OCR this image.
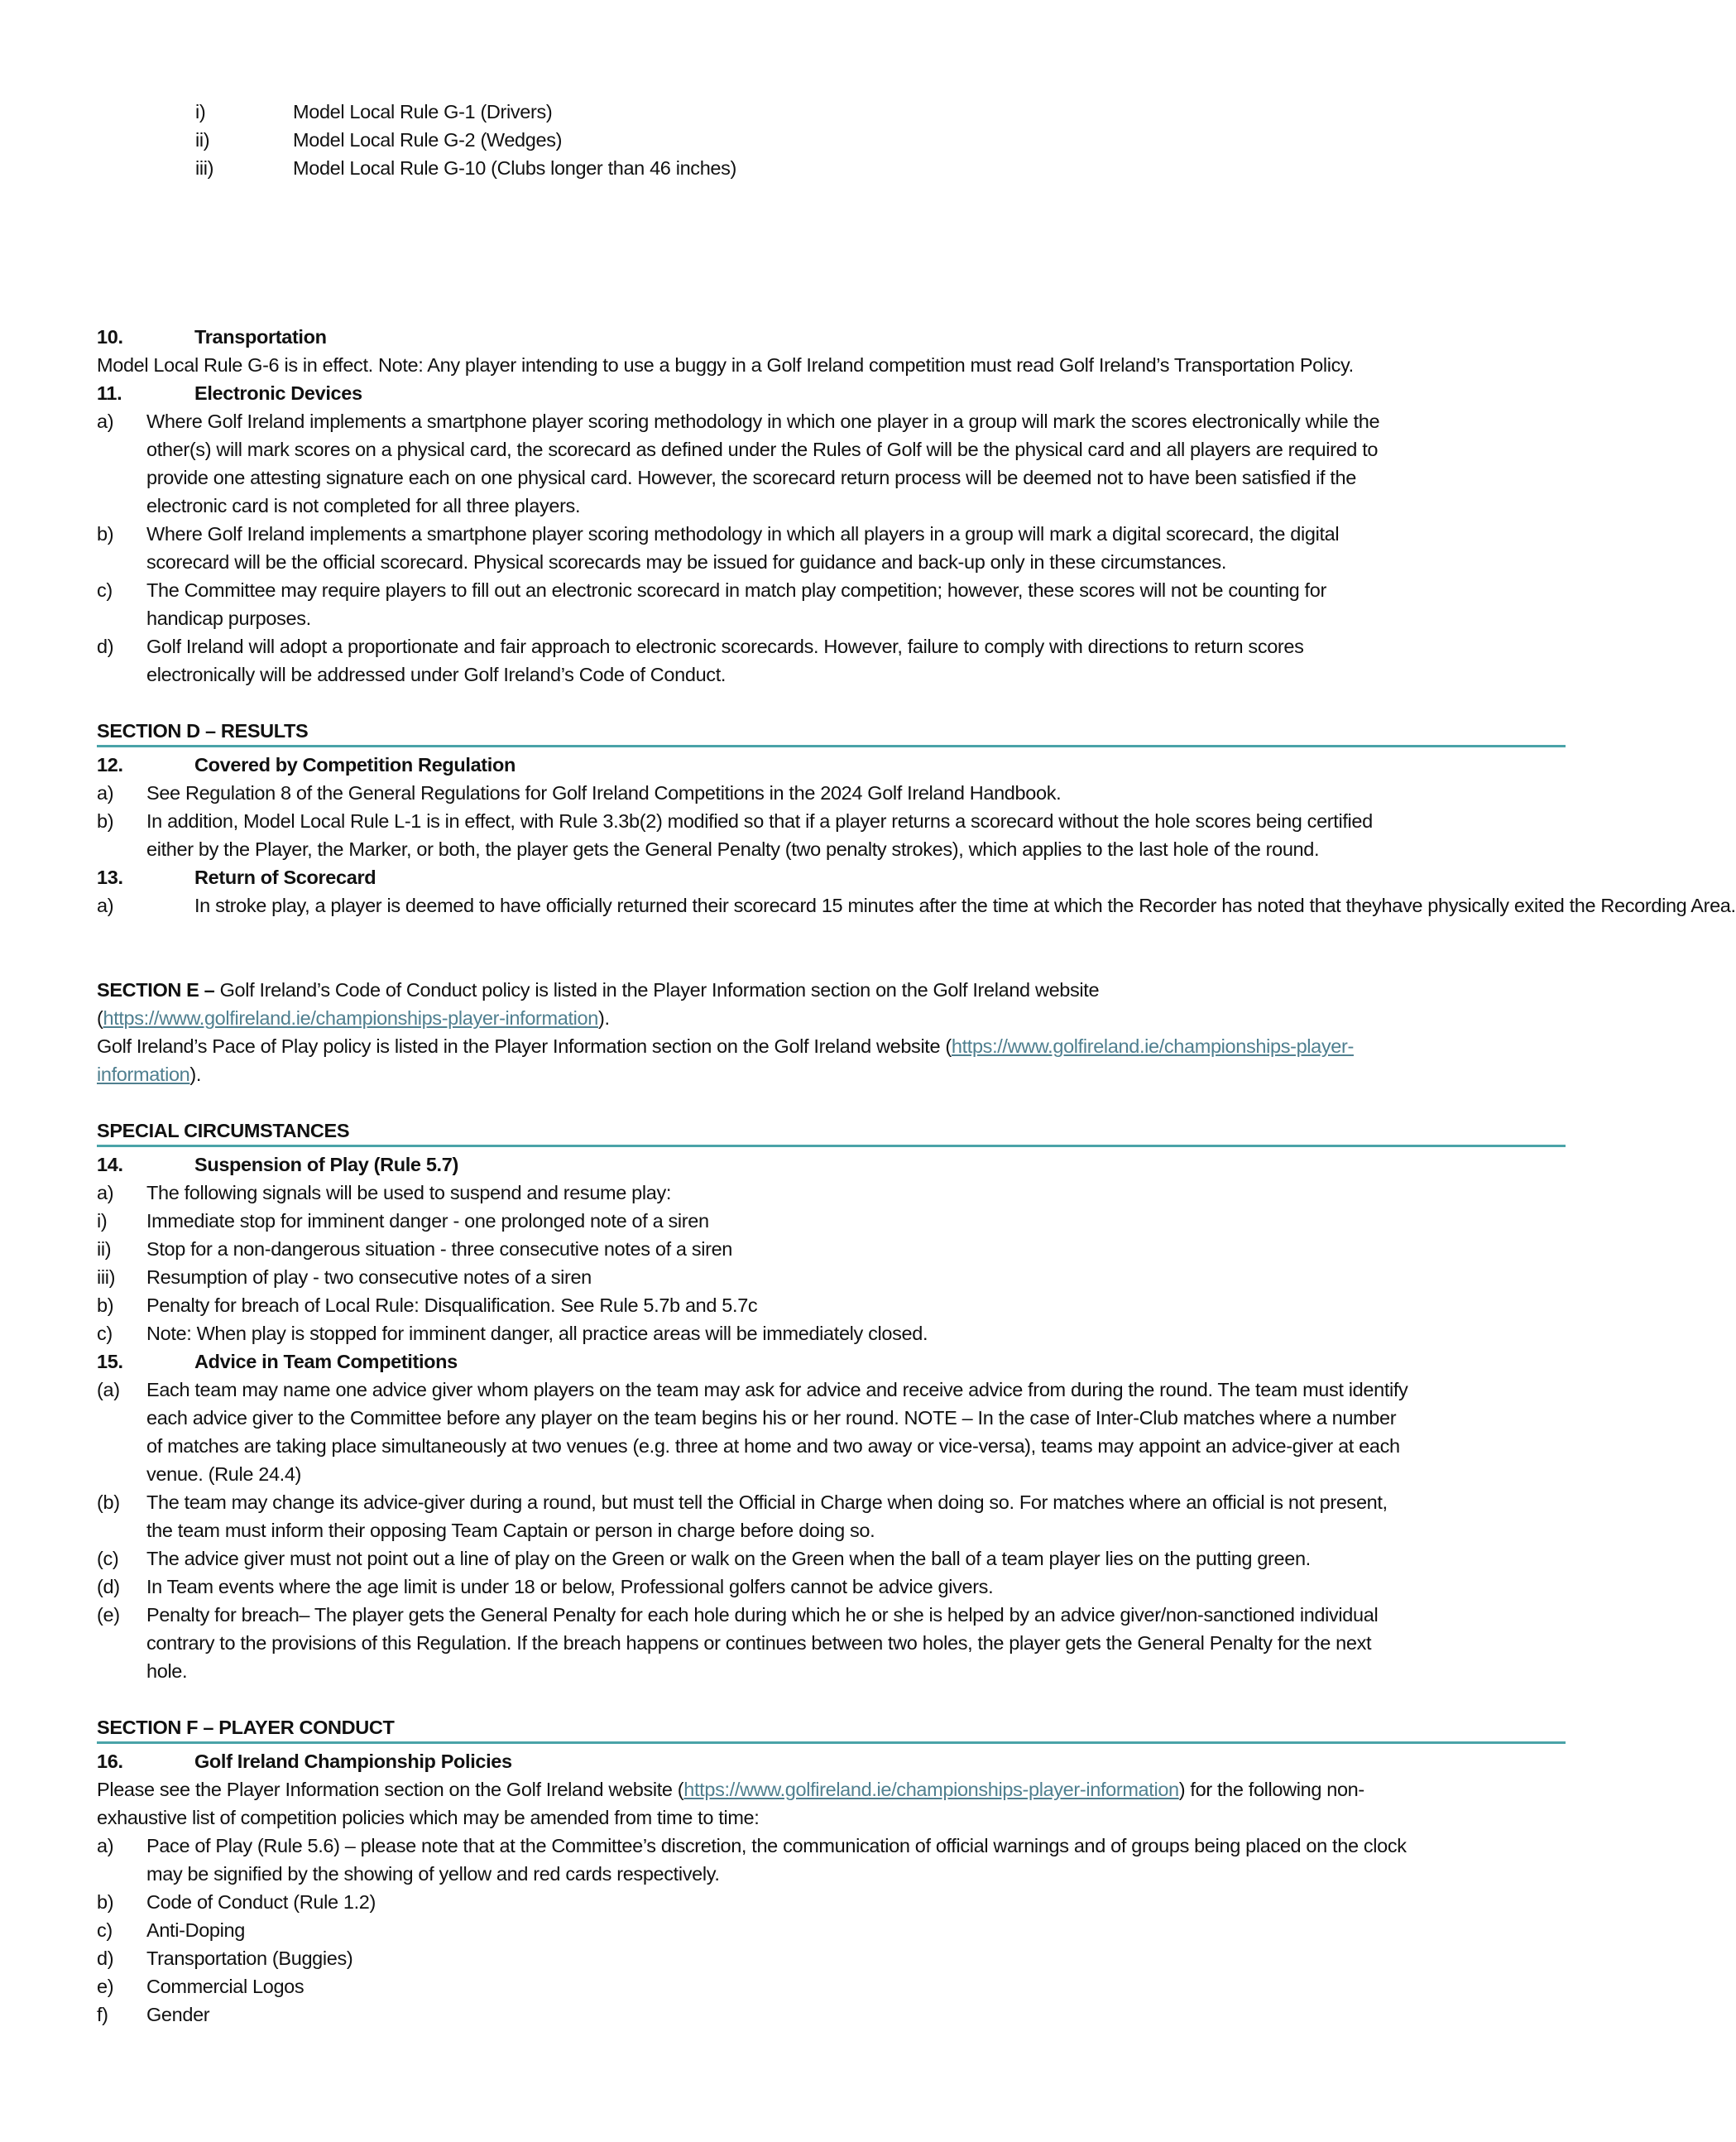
i)	Model Local Rule G-1 (Drivers)
ii)	Model Local Rule G-2 (Wedges)
iii)	Model Local Rule G-10 (Clubs longer than 46 inches)
10.	Transportation
Model Local Rule G-6 is in effect. Note: Any player intending to use a buggy in a Golf Ireland competition must read Golf Ireland’s Transportation Policy.
11.	Electronic Devices
a) Where Golf Ireland implements a smartphone player scoring methodology in which one player in a group will mark the scores electronically while the
other(s) will mark scores on a physical card, the scorecard as defined under the Rules of Golf will be the physical card and all players are required to
provide one attesting signature each on one physical card. However, the scorecard return process will be deemed not to have been satisfied if the
electronic card is not completed for all three players.
b) Where Golf Ireland implements a smartphone player scoring methodology in which all players in a group will mark a digital scorecard, the digital
scorecard will be the official scorecard. Physical scorecards may be issued for guidance and back-up only in these circumstances.
c) The Committee may require players to fill out an electronic scorecard in match play competition; however, these scores will not be counting for
handicap purposes.
d) Golf Ireland will adopt a proportionate and fair approach to electronic scorecards. However, failure to comply with directions to return scores
electronically will be addressed under Golf Ireland’s Code of Conduct.
SECTION D – RESULTS
12.	Covered by Competition Regulation
a) See Regulation 8 of the General Regulations for Golf Ireland Competitions in the 2024 Golf Ireland Handbook.
b) In addition, Model Local Rule L-1 is in effect, with Rule 3.3b(2) modified so that if a player returns a scorecard without the hole scores being certified
either by the Player, the Marker, or both, the player gets the General Penalty (two penalty strokes), which applies to the last hole of the round.
13.	Return of Scorecard
a)	In stroke play, a player is deemed to have officially returned their scorecard 15 minutes after the time at which the Recorder has noted that theyhave physically exited the Recording Area.
SECTION E – Golf Ireland’s Code of Conduct policy is listed in the Player Information section on the Golf Ireland website
(https://www.golfireland.ie/championships-player-information).
Golf Ireland’s Pace of Play policy is listed in the Player Information section on the Golf Ireland website (https://www.golfireland.ie/championships-player-
information).
SPECIAL CIRCUMSTANCES
14.	Suspension of Play (Rule 5.7)
a) The following signals will be used to suspend and resume play:
i) Immediate stop for imminent danger - one prolonged note of a siren
ii) Stop for a non-dangerous situation - three consecutive notes of a siren
iii) Resumption of play - two consecutive notes of a siren
b) Penalty for breach of Local Rule: Disqualification. See Rule 5.7b and 5.7c
c) Note: When play is stopped for imminent danger, all practice areas will be immediately closed.
15.	Advice in Team Competitions
(a) Each team may name one advice giver whom players on the team may ask for advice and receive advice from during the round. The team must identify
each advice giver to the Committee before any player on the team begins his or her round. NOTE – In the case of Inter-Club matches where a number
of matches are taking place simultaneously at two venues (e.g. three at home and two away or vice-versa), teams may appoint an advice-giver at each
venue. (Rule 24.4)
(b) The team may change its advice-giver during a round, but must tell the Official in Charge when doing so. For matches where an official is not present,
the team must inform their opposing Team Captain or person in charge before doing so.
(c) The advice giver must not point out a line of play on the Green or walk on the Green when the ball of a team player lies on the putting green.
(d) In Team events where the age limit is under 18 or below, Professional golfers cannot be advice givers.
(e) Penalty for breach– The player gets the General Penalty for each hole during which he or she is helped by an advice giver/non-sanctioned individual
contrary to the provisions of this Regulation. If the breach happens or continues between two holes, the player gets the General Penalty for the next
hole.
SECTION F – PLAYER CONDUCT
16.	Golf Ireland Championship Policies
Please see the Player Information section on the Golf Ireland website (https://www.golfireland.ie/championships-player-information) for the following non-
exhaustive list of competition policies which may be amended from time to time:
a) Pace of Play (Rule 5.6) – please note that at the Committee’s discretion, the communication of official warnings and of groups being placed on the clock
may be signified by the showing of yellow and red cards respectively.
b) Code of Conduct (Rule 1.2)
c) Anti-Doping
d) Transportation (Buggies)
e) Commercial Logos
f) Gender
